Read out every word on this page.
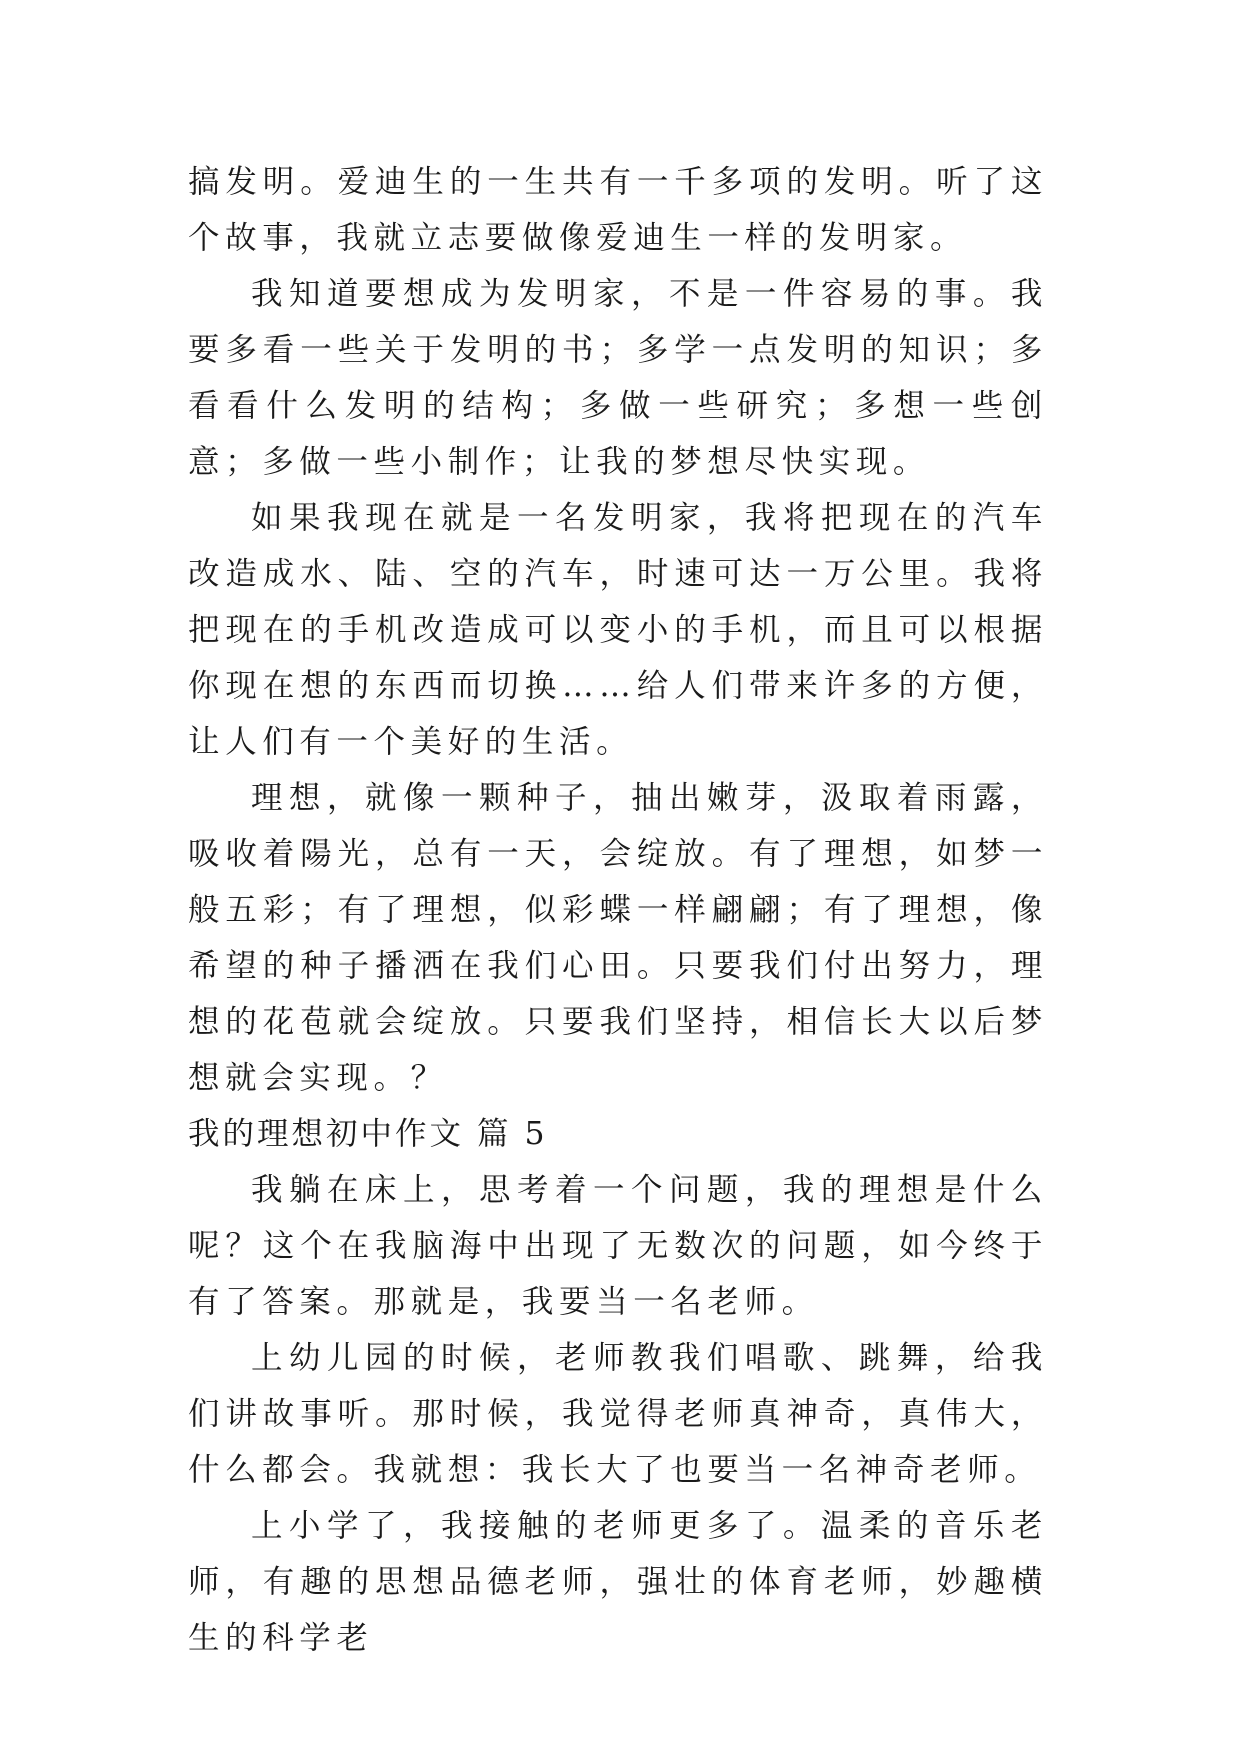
搞发明。爱迪生的一生共有一千多项的发明。听了这个故事，我就立志要做像爱迪生一样的发明家。

我知道要想成为发明家，不是一件容易的事。我要多看一些关于发明的书；多学一点发明的知识；多看看什么发明的结构；多做一些研究；多想一些创意；多做一些小制作；让我的梦想尽快实现。

如果我现在就是一名发明家，我将把现在的汽车改造成水、陆、空的汽车，时速可达一万公里。我将把现在的手机改造成可以变小的手机，而且可以根据你现在想的东西而切换……给人们带来许多的方便，让人们有一个美好的生活。

理想，就像一颗种子，抽出嫩芽，汲取着雨露，吸收着陽光，总有一天，会绽放。有了理想，如梦一般五彩；有了理想，似彩蝶一样翩翩；有了理想，像希望的种子播洒在我们心田。只要我们付出努力，理想的花苞就会绽放。只要我们坚持，相信长大以后梦想就会实现。？

我的理想初中作文 篇 5

我躺在床上，思考着一个问题，我的理想是什么呢？这个在我脑海中出现了无数次的问题，如今终于有了答案。那就是，我要当一名老师。

上幼儿园的时候，老师教我们唱歌、跳舞，给我们讲故事听。那时候，我觉得老师真神奇，真伟大，什么都会。我就想：我长大了也要当一名神奇老师。

上小学了，我接触的老师更多了。温柔的音乐老师，有趣的思想品德老师，强壮的体育老师，妙趣横生的科学老
